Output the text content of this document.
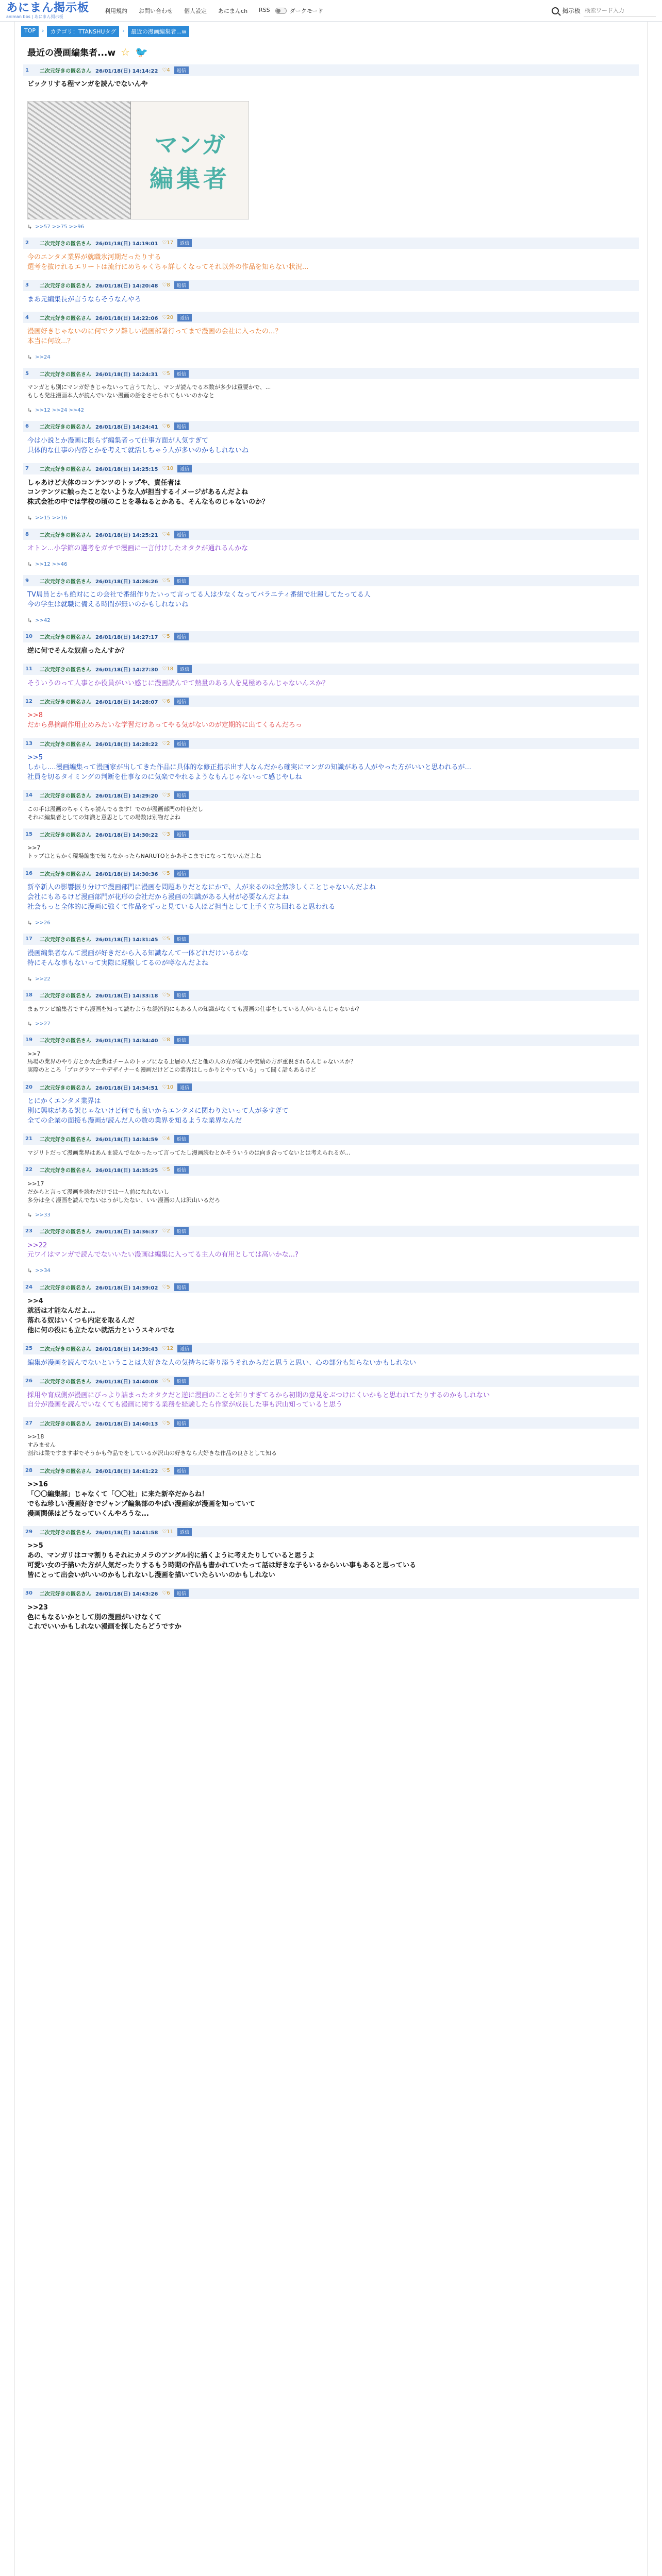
あにまん掲示板
animan bbs | あにまん掲示板
利用規約 お問い合わせ 個人設定 あにまんch RSS	ダークモード	掲示板
検索ワード入力
TOP	›	カテゴリ：TTANSHUタグ	›	最近の漫画編集者...w
最近の漫画編集者...w ☆ 🐦
1	二次元好きの匿名さん 26/01/18(日) 14:14:22 ♡4	返信
ビックリする程マンガを読んでないんや
マンガ
編集者
↳ >>57 >>75 >>96
2	二次元好きの匿名さん 26/01/18(日) 14:19:01 ♡17	返信
今のエンタメ業界が就職氷河期だったりする
選考を抜けれるエリートは流行にめちゃくちゃ詳しくなってそれ以外の作品を知らない状況...
3	二次元好きの匿名さん 26/01/18(日) 14:20:48 ♡8	返信
まあ元編集長が言うならそうなんやろ
4	二次元好きの匿名さん 26/01/18(日) 14:22:06 ♡20	返信
漫画好きじゃないのに何でクソ難しい漫画部署行ってまで漫画の会社に入ったの...？
本当に何故...？
↳ >>24
5	二次元好きの匿名さん 26/01/18(日) 14:24:31 ♡5	返信
マンガとも別にマンガ好きじゃないって言うてたし、マンガ読んでる本数が多少は重要かで、...
もしも発注漫画本人が読んでいない漫画の話をさせられてもいいのかなと
↳ >>12 >>24 >>42
6	二次元好きの匿名さん 26/01/18(日) 14:24:41 ♡6	返信
今は小説とか漫画に限らず編集者って仕事方面が人気すぎて
具体的な仕事の内容とかを考えて就活しちゃう人が多いのかもしれないね
7	二次元好きの匿名さん 26/01/18(日) 14:25:15 ♡10	返信
しゃあけど大体のコンテンツのトップや、責任者は
コンテンツに触ったことないような人が担当するイメージがあるんだよね
株式会社の中では学校の頃のことを尋ねるとかある、そんなものじゃないのか？
↳ >>15 >>16
8	二次元好きの匿名さん 26/01/18(日) 14:25:21 ♡4	返信
オトン...小学館の選考をガチで漫画に一言付けしたオタクが通れるんかな
↳ >>12 >>46
9	二次元好きの匿名さん 26/01/18(日) 14:26:26 ♡5	返信
TV局員とかも絶対にこの会社で番組作りたいって言ってる人は少なくなってバラエティ番組で壮麗してたってる人
今の学生は就職に備える時間が無いのかもしれないね
↳ >>42
10	二次元好きの匿名さん 26/01/18(日) 14:27:17 ♡5	返信
逆に何でそんな奴雇ったんすか？
11	二次元好きの匿名さん 26/01/18(日) 14:27:30 ♡18	返信
そういうのって人事とか役員がいい感じに漫画読んでて熱量のある人を見極めるんじゃないんスか？
12	二次元好きの匿名さん 26/01/18(日) 14:28:07 ♡6	返信
>>8
だから鼻摘副作用止めみたいな学習だけあってやる気がないのが定期的に出てくるんだろっ
13	二次元好きの匿名さん 26/01/18(日) 14:28:22 ♡2	返信
>>5
しかし....漫画編集って漫画家が出してきた作品に具体的な修正指示出す人なんだから確実にマンガの知識がある人がやった方がいいと思われるが...
社員を切るタイミングの判断を仕事なのに気楽でやれるようなもんじゃないって感じやしね
14	二次元好きの匿名さん 26/01/18(日) 14:29:20 ♡3	返信
この手は漫画のちゃくちゃ読んでるます！でのが漫画部門の特色だし
それに編集者としての知識と意思としての場数は別物だよね
15	二次元好きの匿名さん 26/01/18(日) 14:30:22 ♡3	返信
>>7
トップはともかく現場編集で知らなかったらNARUTOとかあそこまでになってないんだよね
16	二次元好きの匿名さん 26/01/18(日) 14:30:36 ♡5	返信
新卒新人の影響振り分けで漫画部門に漫画を問題ありだとなにかで、人が来るのは全然珍しくことじゃないんだよね
会社にもあるけど漫画部門が花形の会社だから漫画の知識がある人材が必要なんだよね
社会もっと全体的に漫画に強くて作品をずっと見ている人ほど担当として上手く立ち回れると思われる
↳ >>26
17	二次元好きの匿名さん 26/01/18(日) 14:31:45 ♡5	返信
漫画編集者なんて漫画が好きだから入る知識なんて一体どれだけいるかな
特にそんな事もないって実際に経験してるのが噂なんだよね
↳ >>22
18	二次元好きの匿名さん 26/01/18(日) 14:33:18 ♡5	返信
まぁワンピ編集者ですら漫画を知って読むような経済的にもある人の知識がなくても漫画の仕事をしている人がいるんじゃないか？
↳ >>27
19	二次元好きの匿名さん 26/01/18(日) 14:34:40 ♡8	返信
>>7
馬場の業界のやり方とか大企業はチームのトップになる上層の人だと他の人の方が能力や実績の方が重視されるんじゃないスか？
実際のところ「プログラマーやデザイナーも漫画だけどこの業界はしっかりとやっている」って聞く話もあるけど
20	二次元好きの匿名さん 26/01/18(日) 14:34:51 ♡10	返信
とにかくエンタメ業界は
別に興味がある訳じゃないけど何でも良いからエンタメに関わりたいって人が多すぎて
全ての企業の面接も漫画が読んだ人の数の業界を知るような業界なんだ
21	二次元好きの匿名さん 26/01/18(日) 14:34:59 ♡4	返信
マジリトだって漫画業界はあんま読んでなかったって言ってたし漫画読むとかそういうのは向き合ってないとは考えられるが...
22	二次元好きの匿名さん 26/01/18(日) 14:35:25 ♡5	返信
>>17
だからと言って漫画を読むだけでは一人前になれないし
多分は全く漫画を読んでないほうがしたない、いい漫画の人は沢山いるだろ
↳ >>33
23	二次元好きの匿名さん 26/01/18(日) 14:36:37 ♡2	返信
>>22
元ワイはマンガで読んでないいたい漫画は編集に入ってる主人の有用としては高いかな...?
↳ >>34
24	二次元好きの匿名さん 26/01/18(日) 14:39:02 ♡5	返信
>>4
就活は才能なんだよ...
落れる奴はいくつも内定を取るんだ
他に何の役にも立たない就活力というスキルでな
25	二次元好きの匿名さん 26/01/18(日) 14:39:43 ♡12	返信
編集が漫画を読んでないということは大好きな人の気持ちに寄り添うそれからだと思うと思い、心の部分も知らないかもしれない
26	二次元好きの匿名さん 26/01/18(日) 14:40:08 ♡5	返信
採用や育成側が漫画にびっより詰まったオタクだと逆に漫画のことを知りすぎてるから初期の意見をぶつけにくいかもと思われてたりするのかもしれない
自分が漫画を読んでいなくても漫画に関する業務を経験したら作家が成長した事も沢山知っていると思う
27	二次元好きの匿名さん 26/01/18(日) 14:40:13 ♡5	返信
>>18
すみません
割れは業ですます事でそうかも作品でをしているが沢山の好きなら大好きな作品の良さとして知る
28	二次元好きの匿名さん 26/01/18(日) 14:41:22 ♡5	返信
>>16
「〇〇編集部」じゃなくて「〇〇社」に来た新卒だからね！
でもね珍しい漫画好きでジャンプ編集部のやばい漫画家が漫画を知っていて
漫画関係はどうなっていくんやろうな...
29	二次元好きの匿名さん 26/01/18(日) 14:41:58 ♡11	返信
>>5
あの、マンガリはコマ割りもそれにカメラのアングル的に描くように考えたりしていると思うよ
可愛い女の子描いた方が人気だったりするもう時期の作品も書かれていたって話は好きな子もいるからいい事もあると思っている
皆にとって出会いがいいのかもしれないし漫画を描いていたらいいのかもしれない
30	二次元好きの匿名さん 26/01/18(日) 14:43:26 ♡6	返信
>>23
色にもなるいかとして別の漫画がいけなくて
これでいいかもしれない漫画を探したらどうですか
